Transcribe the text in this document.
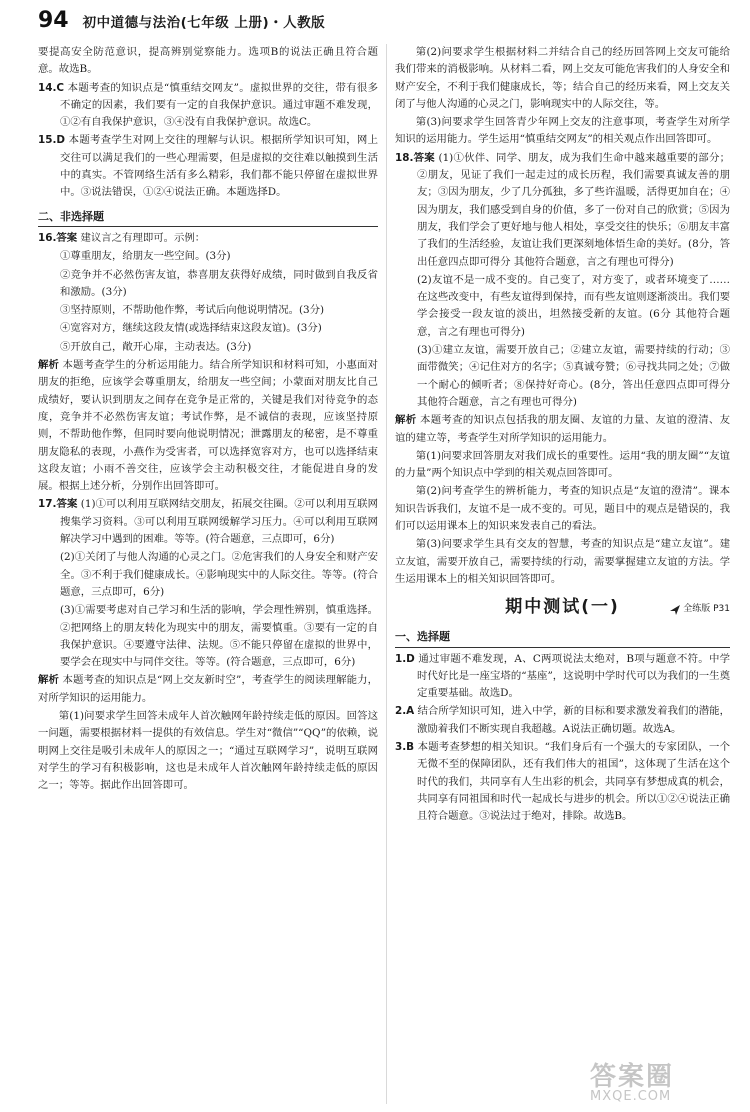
94 初中道德与法治(七年级 上册)・人教版

要提高安全防范意识，提高辨别觉察能力。选项B的说法正确且符合题意。故选B。

14.C 本题考查的知识点是“慎重结交网友”。虚拟世界的交往，带有很多不确定的因素，我们要有一定的自我保护意识。通过审题不难发现，①②有自我保护意识，③④没有自我保护意识。故选C。

15.D 本题考查学生对网上交往的理解与认识。根据所学知识可知，网上交往可以满足我们的一些心理需要，但是虚拟的交往难以触摸到生活中的真实。不管网络生活有多么精彩，我们都不能只停留在虚拟世界中。③说法错误，①②④说法正确。本题选择D。

二、非选择题

16.答案 建议言之有理即可。示例：

①尊重朋友，给朋友一些空间。(3分)

②竞争并不必然伤害友谊，恭喜朋友获得好成绩，同时做到自我反省和激励。(3分)

③坚持原则，不帮助他作弊，考试后向他说明情况。(3分)

④宽容对方，继续这段友情(或选择结束这段友谊)。(3分)

⑤开放自己，敞开心扉，主动表达。(3分)

解析 本题考查学生的分析运用能力。结合所学知识和材料可知，小惠面对朋友的拒绝，应该学会尊重朋友，给朋友一些空间；小蒙面对朋友比自己成绩好，要认识到朋友之间存在竞争是正常的，关键是我们对待竞争的态度，竞争并不必然伤害友谊；考试作弊，是不诚信的表现，应该坚持原则，不帮助他作弊，但同时要向他说明情况；泄露朋友的秘密，是不尊重朋友隐私的表现，小燕作为受害者，可以选择宽容对方，也可以选择结束这段友谊；小雨不善交往，应该学会主动积极交往，才能促进自身的发展。根据上述分析，分别作出回答即可。

17.答案 (1)①可以利用互联网结交朋友，拓展交往圈。②可以利用互联网搜集学习资料。③可以利用互联网缓解学习压力。④可以利用互联网解决学习中遇到的困难。等等。(符合题意，三点即可，6分)

(2)①关闭了与他人沟通的心灵之门。②危害我们的人身安全和财产安全。③不利于我们健康成长。④影响现实中的人际交往。等等。(符合题意，三点即可，6分)

(3)①需要考虑对自己学习和生活的影响，学会理性辨别，慎重选择。②把网络上的朋友转化为现实中的朋友，需要慎重。③要有一定的自我保护意识。④要遵守法律、法规。⑤不能只停留在虚拟的世界中，要学会在现实中与同伴交往。等等。(符合题意，三点即可，6分)

解析 本题考查的知识点是“网上交友新时空”，考查学生的阅读理解能力，对所学知识的运用能力。

第(1)问要求学生回答未成年人首次触网年龄持续走低的原因。回答这一问题，需要根据材料一提供的有效信息。学生对“微信”“QQ”的依赖，说明网上交往是吸引未成年人的原因之一；“通过互联网学习”，说明互联网对学生的学习有积极影响，这也是未成年人首次触网年龄持续走低的原因之一；等等。据此作出回答即可。

第(2)问要求学生根据材料二并结合自己的经历回答网上交友可能给我们带来的消极影响。从材料二看，网上交友可能危害我们的人身安全和财产安全，不利于我们健康成长，等；结合自己的经历来看，网上交友关闭了与他人沟通的心灵之门，影响现实中的人际交往，等。

第(3)问要求学生回答青少年网上交友的注意事项，考查学生对所学知识的运用能力。学生运用“慎重结交网友”的相关观点作出回答即可。

18.答案 (1)①伙伴、同学、朋友，成为我们生命中越来越重要的部分；②朋友，见证了我们一起走过的成长历程，我们需要真诚友善的朋友；③因为朋友，少了几分孤独，多了些许温暖，活得更加自在；④因为朋友，我们感受到自身的价值，多了一份对自己的欣赏；⑤因为朋友，我们学会了更好地与他人相处，享受交往的快乐；⑥朋友丰富了我们的生活经验，友谊让我们更深刻地体悟生命的美好。(8分，答出任意四点即可得分 其他符合题意，言之有理也可得分)

(2)友谊不是一成不变的。自己变了，对方变了，或者环境变了……在这些改变中，有些友谊得到保持，而有些友谊则逐渐淡出。我们要学会接受一段友谊的淡出，坦然接受新的友谊。(6分 其他符合题意，言之有理也可得分)

(3)①建立友谊，需要开放自己；②建立友谊，需要持续的行动；③面带微笑；④记住对方的名字；⑤真诚夸赞；⑥寻找共同之处；⑦做一个耐心的倾听者；⑧保持好奇心。(8分，答出任意四点即可得分 其他符合题意，言之有理也可得分)

解析 本题考查的知识点包括我的朋友圈、友谊的力量、友谊的澄清、友谊的建立等，考查学生对所学知识的运用能力。

第(1)问要求回答朋友对我们成长的重要性。运用“我的朋友圈”“友谊的力量”两个知识点中学到的相关观点回答即可。

第(2)问考查学生的辨析能力，考查的知识点是“友谊的澄清”。课本知识告诉我们，友谊不是一成不变的。可见，题目中的观点是错误的，我们可以运用课本上的知识来发表自己的看法。

第(3)问要求学生具有交友的智慧，考查的知识点是“建立友谊”。建立友谊，需要开放自己，需要持续的行动，需要掌握建立友谊的方法。学生运用课本上的相关知识回答即可。

期中测试(一)	全练版 P31
一、选择题

1.D 通过审题不难发现，A、C两项说法太绝对，B项与题意不符。中学时代好比是一座宝塔的“基座”，这说明中学时代可以为我们的一生奠定重要基础。故选D。

2.A 结合所学知识可知，进入中学，新的目标和要求激发着我们的潜能，激励着我们不断实现自我超越。A说法正确切题。故选A。

3.B 本题考查梦想的相关知识。“我们身后有一个强大的专家团队，一个无微不至的保障团队，还有我们伟大的祖国”，这体现了生活在这个时代的我们，共同享有人生出彩的机会，共同享有梦想成真的机会，共同享有同祖国和时代一起成长与进步的机会。所以①②④说法正确且符合题意。③说法过于绝对，排除。故选B。

答案圈
MXQE.COM
